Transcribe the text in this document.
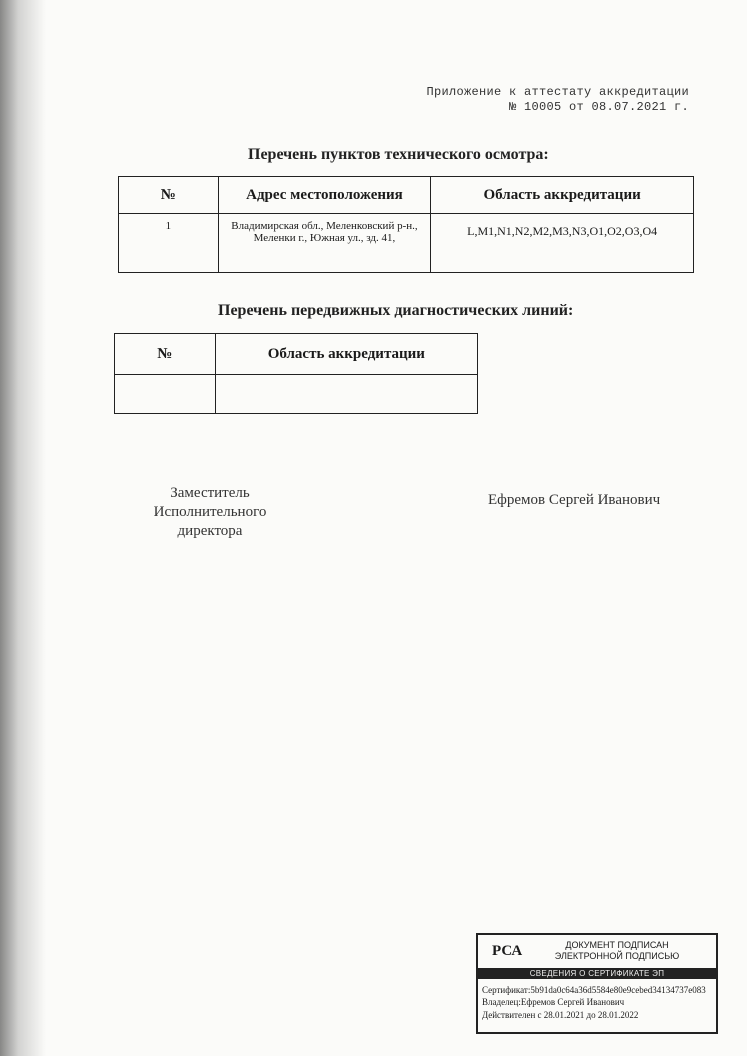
Приложение к аттестату аккредитации
№ 10005 от 08.07.2021 г.
Перечень пунктов технического осмотра:
№	Адрес местоположения	Область аккредитации
1	Владимирская обл., Меленковский р-н., Меленки г., Южная ул., зд. 41,	L,M1,N1,N2,M2,M3,N3,O1,O2,O3,O4
Перечень передвижных диагностических линий:
№	Область аккредитации

Заместитель Исполнительного директора
Ефремов Сергей Иванович
РСА	ДОКУМЕНТ ПОДПИСАН
ЭЛЕКТРОННОЙ ПОДПИСЬЮ
СВЕДЕНИЯ О СЕРТИФИКАТЕ ЭП
Сертификат:5b91da0c64a36d5584e80e9cebed34134737e083
Владелец:Ефремов Сергей Иванович
Действителен с 28.01.2021 до 28.01.2022
